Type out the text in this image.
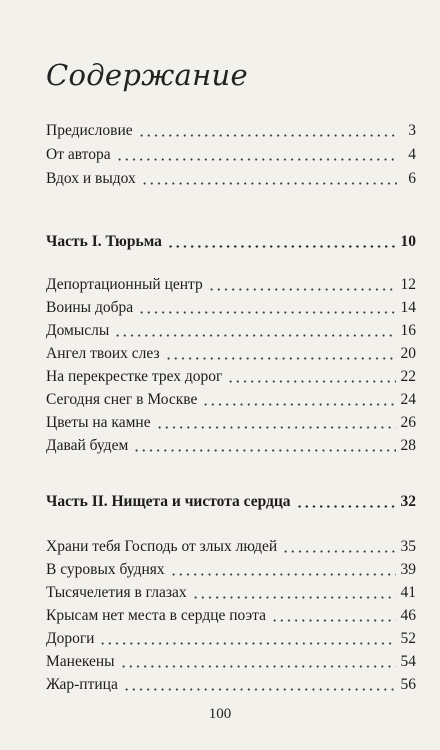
Содержание
Предисловие	3
От автора	4
Вдох и выдох	6
Часть I. Тюрьма	10
Депортационный центр	12
Воины добра	14
Домыслы	16
Ангел твоих слез	20
На перекрестке трех дорог	22
Сегодня снег в Москве	24
Цветы на камне	26
Давай будем	28
Часть II. Нищета и чистота сердца	32
Храни тебя Господь от злых людей	35
В суровых буднях	39
Тысячелетия в глазах	41
Крысам нет места в сердце поэта	46
Дороги	52
Манекены	54
Жар-птица	56
100
